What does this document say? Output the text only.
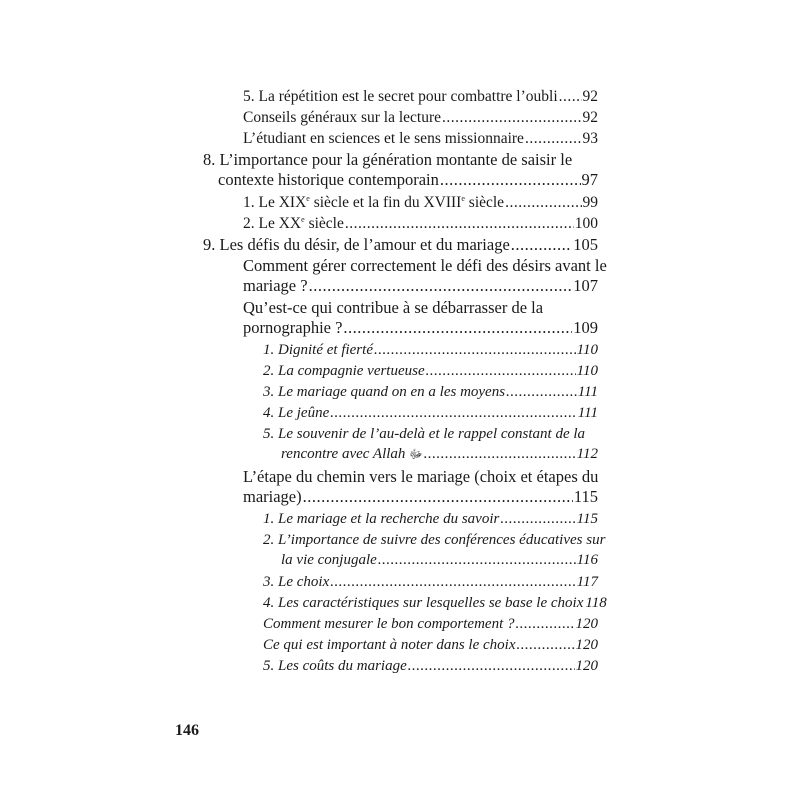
5. La répétition est le secret pour combattre l’oubli ..... 92
Conseils généraux sur la lecture .....	92
L’étudiant en sciences et le sens missionnaire .....	93
8. L’importance pour la génération montante de saisir le
contexte historique contemporain .....	97
1. Le XIXe siècle et la fin du XVIIIe siècle .....	99
2. Le XXe siècle .....	100
9. Les défis du désir, de l’amour et du mariage .....	105
Comment gérer correctement le défi des désirs avant le
mariage ? .....	107
Qu’est-ce qui contribue à se débarrasser de la
pornographie ? .....	109
1. Dignité et fierté .....	110
2. La compagnie vertueuse .....	110
3. Le mariage quand on en a les moyens .....	111
4. Le jeûne .....	111
5. Le souvenir de l’au-delà et le rappel constant de la
rencontre avec Allah ﷻ .....	112
L’étape du chemin vers le mariage (choix et étapes du
mariage) .....	115
1. Le mariage et la recherche du savoir .....	115
2. L’importance de suivre des conférences éducatives sur
la vie conjugale .....	116
3. Le choix .....	117
4. Les caractéristiques sur lesquelles se base le choix 118
Comment mesurer le bon comportement ? .....	120
Ce qui est important à noter dans le choix .....	120
5. Les coûts du mariage .....	120
146
